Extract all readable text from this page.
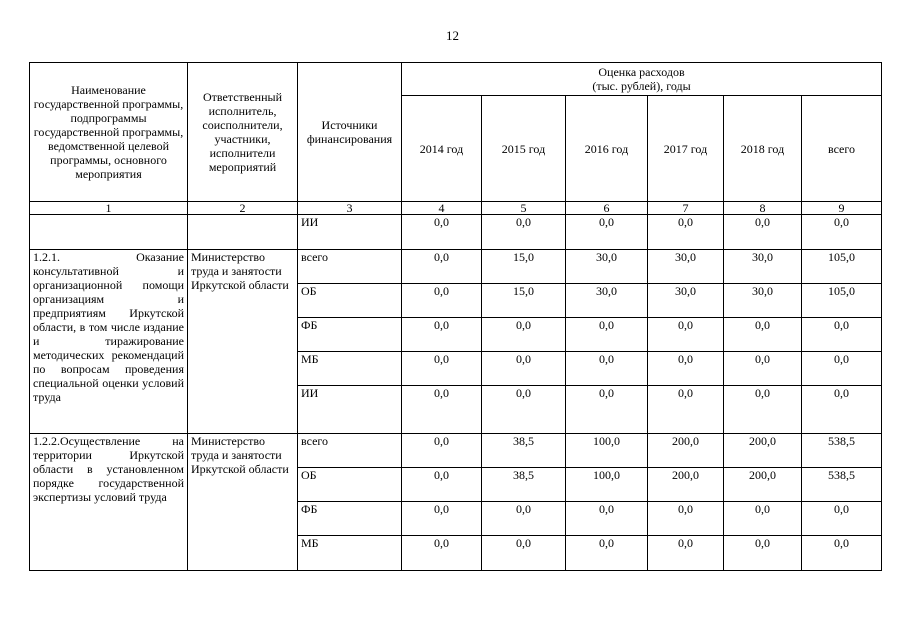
12
Наименование государственной программы, подпрограммы государственной программы, ведомственной целевой программы, основного мероприятия	Ответственный исполнитель, соисполнители, участники, исполнители мероприятий	Источники финансирования	Оценка расходов
(тыс. рублей), годы					

			2014 год	2015 год	2016 год	2017 год	2018 год	всего
1	2	3	4	5	6	7	8	9
		ИИ	0,0	0,0	0,0	0,0	0,0	0,0
1.2.1. Оказание консультативной и организационной помощи организациям и предприятиям Иркутской области, в том числе издание и тиражирование методических рекомендаций по вопросам проведения специальной оценки условий труда	Министерство труда и занятости Иркутской области	всего	0,0	15,0	30,0	30,0	30,0	105,0
		ОБ	0,0	15,0	30,0	30,0	30,0	105,0
		ФБ	0,0	0,0	0,0	0,0	0,0	0,0
		МБ	0,0	0,0	0,0	0,0	0,0	0,0
		ИИ	0,0	0,0	0,0	0,0	0,0	0,0
1.2.2.Осуществление на территории Иркутской области в установленном порядке государственной экспертизы условий труда	Министерство труда и занятости Иркутской области	всего	0,0	38,5	100,0	200,0	200,0	538,5
		ОБ	0,0	38,5	100,0	200,0	200,0	538,5
		ФБ	0,0	0,0	0,0	0,0	0,0	0,0
		МБ	0,0	0,0	0,0	0,0	0,0	0,0
